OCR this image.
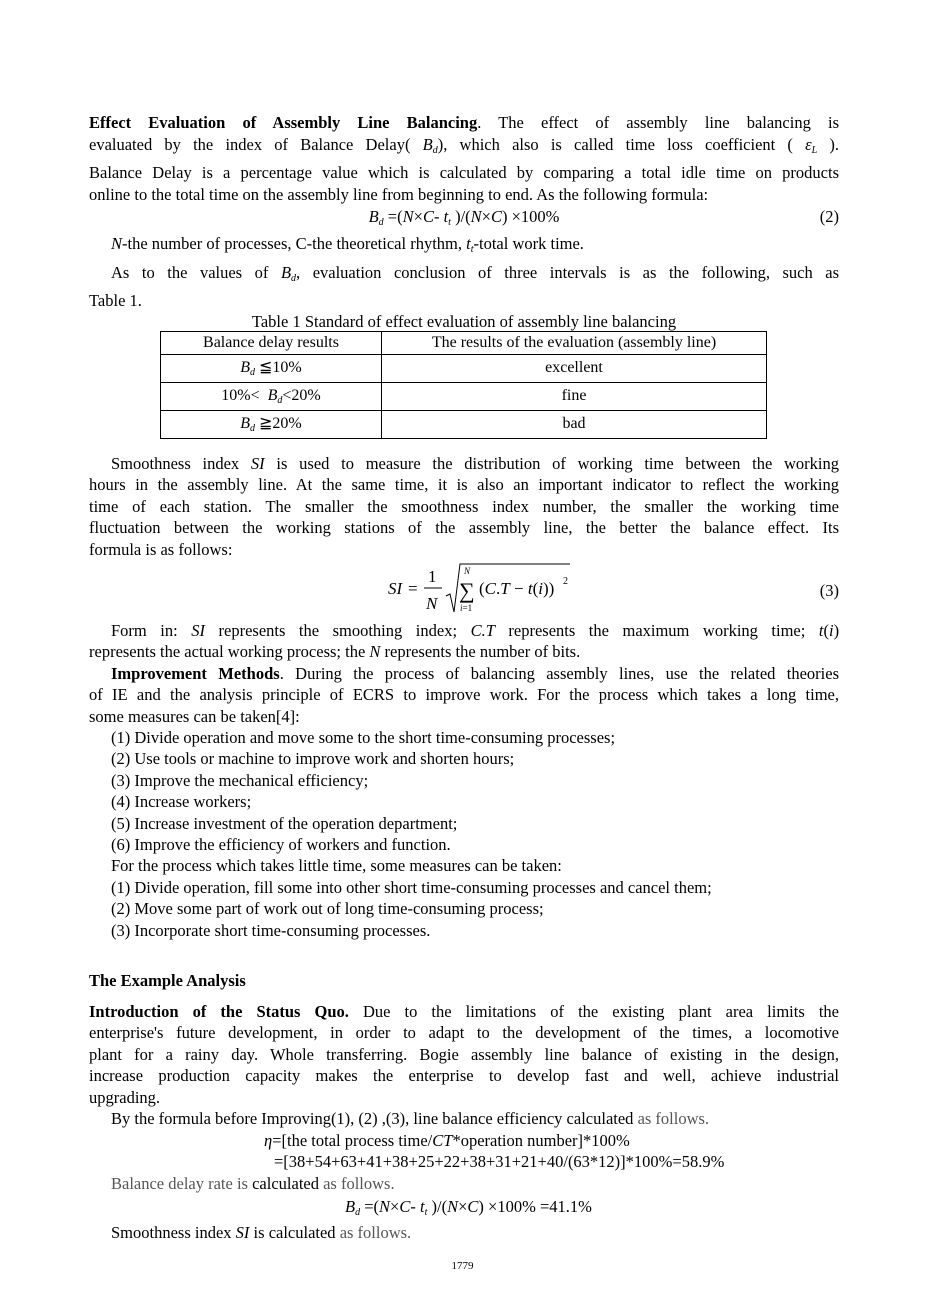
Effect Evaluation of Assembly Line Balancing. The effect of assembly line balancing is
evaluated by the index of Balance Delay( $B_d$), which also is called time loss coefficient ( $\varepsilon_L$ ).
Balance Delay is a percentage value which is calculated by comparing a total idle time on products
online to the total time on the assembly line from beginning to end. As the following formula:
$B_d =(N\times C-$ $t_t$ )/(N×C) ×100%	(2)
N-the number of processes, C-the theoretical rhythm, $t_t$-total work time.
As to the values of $B_d$, evaluation conclusion of three intervals is as the following, such as
Table 1.
Table 1 Standard of effect evaluation of assembly line balancing
Balance delay results	The results of the evaluation (assembly line)
$B_d$ ≦10%	excellent
$10\%< B_d<20\%$	fine
$B_d$ ≧20%	bad
Smoothness index SI is used to measure the distribution of working time between the working
hours in the assembly line. At the same time, it is also an important indicator to reflect the working
time of each station. The smaller the smoothness index number, the smaller the working time
fluctuation between the working stations of the assembly line, the better the balance effect. Its
formula is as follows:
SI =
1
N
N
∑
i=1
(C.T − t(i)) 2	(3)
Form in: SI represents the smoothing index; C.T represents the maximum working time; t(i)
represents the actual working process; the N represents the number of bits.
Improvement Methods. During the process of balancing assembly lines, use the related theories
of IE and the analysis principle of ECRS to improve work. For the process which takes a long time,
some measures can be taken[4]:
(1) Divide operation and move some to the short time-consuming processes;
(2) Use tools or machine to improve work and shorten hours;
(3) Improve the mechanical efficiency;
(4) Increase workers;
(5) Increase investment of the operation department;
(6) Improve the efficiency of workers and function.
For the process which takes little time, some measures can be taken:
(1) Divide operation, fill some into other short time-consuming processes and cancel them;
(2) Move some part of work out of long time-consuming process;
(3) Incorporate short time-consuming processes.
The Example Analysis
Introduction of the Status Quo. Due to the limitations of the existing plant area limits the
enterprise's future development, in order to adapt to the development of the times, a locomotive
plant for a rainy day. Whole transferring. Bogie assembly line balance of existing in the design,
increase production capacity makes the enterprise to develop fast and well, achieve industrial
upgrading.
By the formula before Improving(1), (2) ,(3), line balance efficiency calculated as follows.
η=[the total process time/CT*operation number]*100%
=[38+54+63+41+38+25+22+38+31+21+40/(63*12)]*100%=58.9%
Balance delay rate is calculated as follows.
$B_d =(N\times C-$ $t_t$ )/(N×C) ×100% =41.1%
Smoothness index SI is calculated as follows.
1779
